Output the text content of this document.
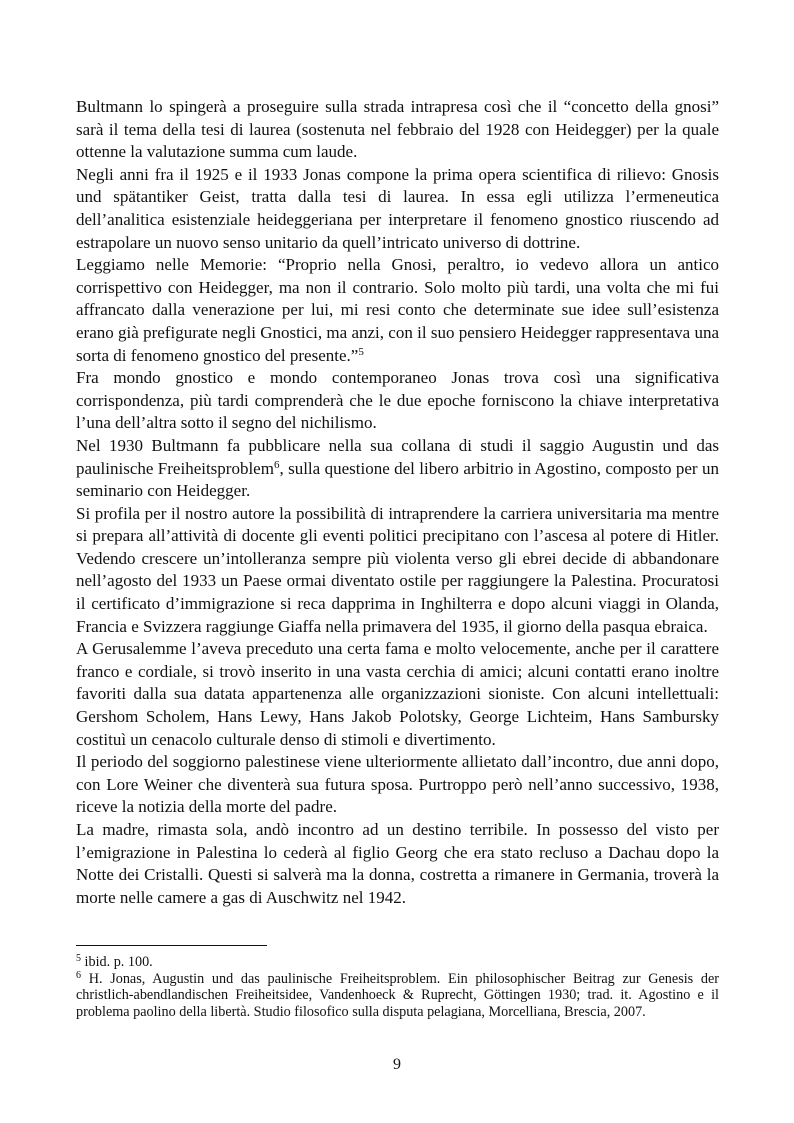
Bultmann lo spingerà a proseguire sulla strada intrapresa così che il “concetto della gnosi” sarà il tema della tesi di laurea (sostenuta nel febbraio del 1928 con Heidegger) per la quale ottenne la valutazione summa cum laude.

Negli anni fra il 1925 e il 1933 Jonas compone la prima opera scientifica di rilievo: Gnosis und spätantiker Geist, tratta dalla tesi di laurea. In essa egli utilizza l’ermeneutica dell’analitica esistenziale heideggeriana per interpretare il fenomeno gnostico riuscendo ad estrapolare un nuovo senso unitario da quell’intricato universo di dottrine.

Leggiamo nelle Memorie: “Proprio nella Gnosi, peraltro, io vedevo allora un antico corrispettivo con Heidegger, ma non il contrario. Solo molto più tardi, una volta che mi fui affrancato dalla venerazione per lui, mi resi conto che determinate sue idee sull’esistenza erano già prefigurate negli Gnostici, ma anzi, con il suo pensiero Heidegger rappresentava una sorta di fenomeno gnostico del presente.”$^5$

Fra mondo gnostico e mondo contemporaneo Jonas trova così una significativa corrispondenza, più tardi comprenderà che le due epoche forniscono la chiave interpretativa l’una dell’altra sotto il segno del nichilismo.

Nel 1930 Bultmann fa pubblicare nella sua collana di studi il saggio Augustin und das paulinische Freiheitsproblem$^6$, sulla questione del libero arbitrio in Agostino, composto per un seminario con Heidegger.

Si profila per il nostro autore la possibilità di intraprendere la carriera universitaria ma mentre si prepara all’attività di docente gli eventi politici precipitano con l’ascesa al potere di Hitler. Vedendo crescere un’intolleranza sempre più violenta verso gli ebrei decide di abbandonare nell’agosto del 1933 un Paese ormai diventato ostile per raggiungere la Palestina. Procuratosi il certificato d’immigrazione si reca dapprima in Inghilterra e dopo alcuni viaggi in Olanda, Francia e Svizzera raggiunge Giaffa nella primavera del 1935, il giorno della pasqua ebraica.

A Gerusalemme l’aveva preceduto una certa fama e molto velocemente, anche per il carattere franco e cordiale, si trovò inserito in una vasta cerchia di amici; alcuni contatti erano inoltre favoriti dalla sua datata appartenenza alle organizzazioni sioniste. Con alcuni intellettuali: Gershom Scholem, Hans Lewy, Hans Jakob Polotsky, George Lichteim, Hans Sambursky costituì un cenacolo culturale denso di stimoli e divertimento.

Il periodo del soggiorno palestinese viene ulteriormente allietato dall’incontro, due anni dopo, con Lore Weiner che diventerà sua futura sposa. Purtroppo però nell’anno successivo, 1938, riceve la notizia della morte del padre.

La madre, rimasta sola, andò incontro ad un destino terribile. In possesso del visto per l’emigrazione in Palestina lo cederà al figlio Georg che era stato recluso a Dachau dopo la Notte dei Cristalli. Questi si salverà ma la donna, costretta a rimanere in Germania, troverà la morte nelle camere a gas di Auschwitz nel 1942.

$^5$ ibid. p. 100.

$^6$ H. Jonas, Augustin und das paulinische Freiheitsproblem. Ein philosophischer Beitrag zur Genesis der christlich-abendlandischen Freiheitsidee, Vandenhoeck & Ruprecht, Göttingen 1930; trad. it. Agostino e il problema paolino della libertà. Studio filosofico sulla disputa pelagiana, Morcelliana, Brescia, 2007.

9
